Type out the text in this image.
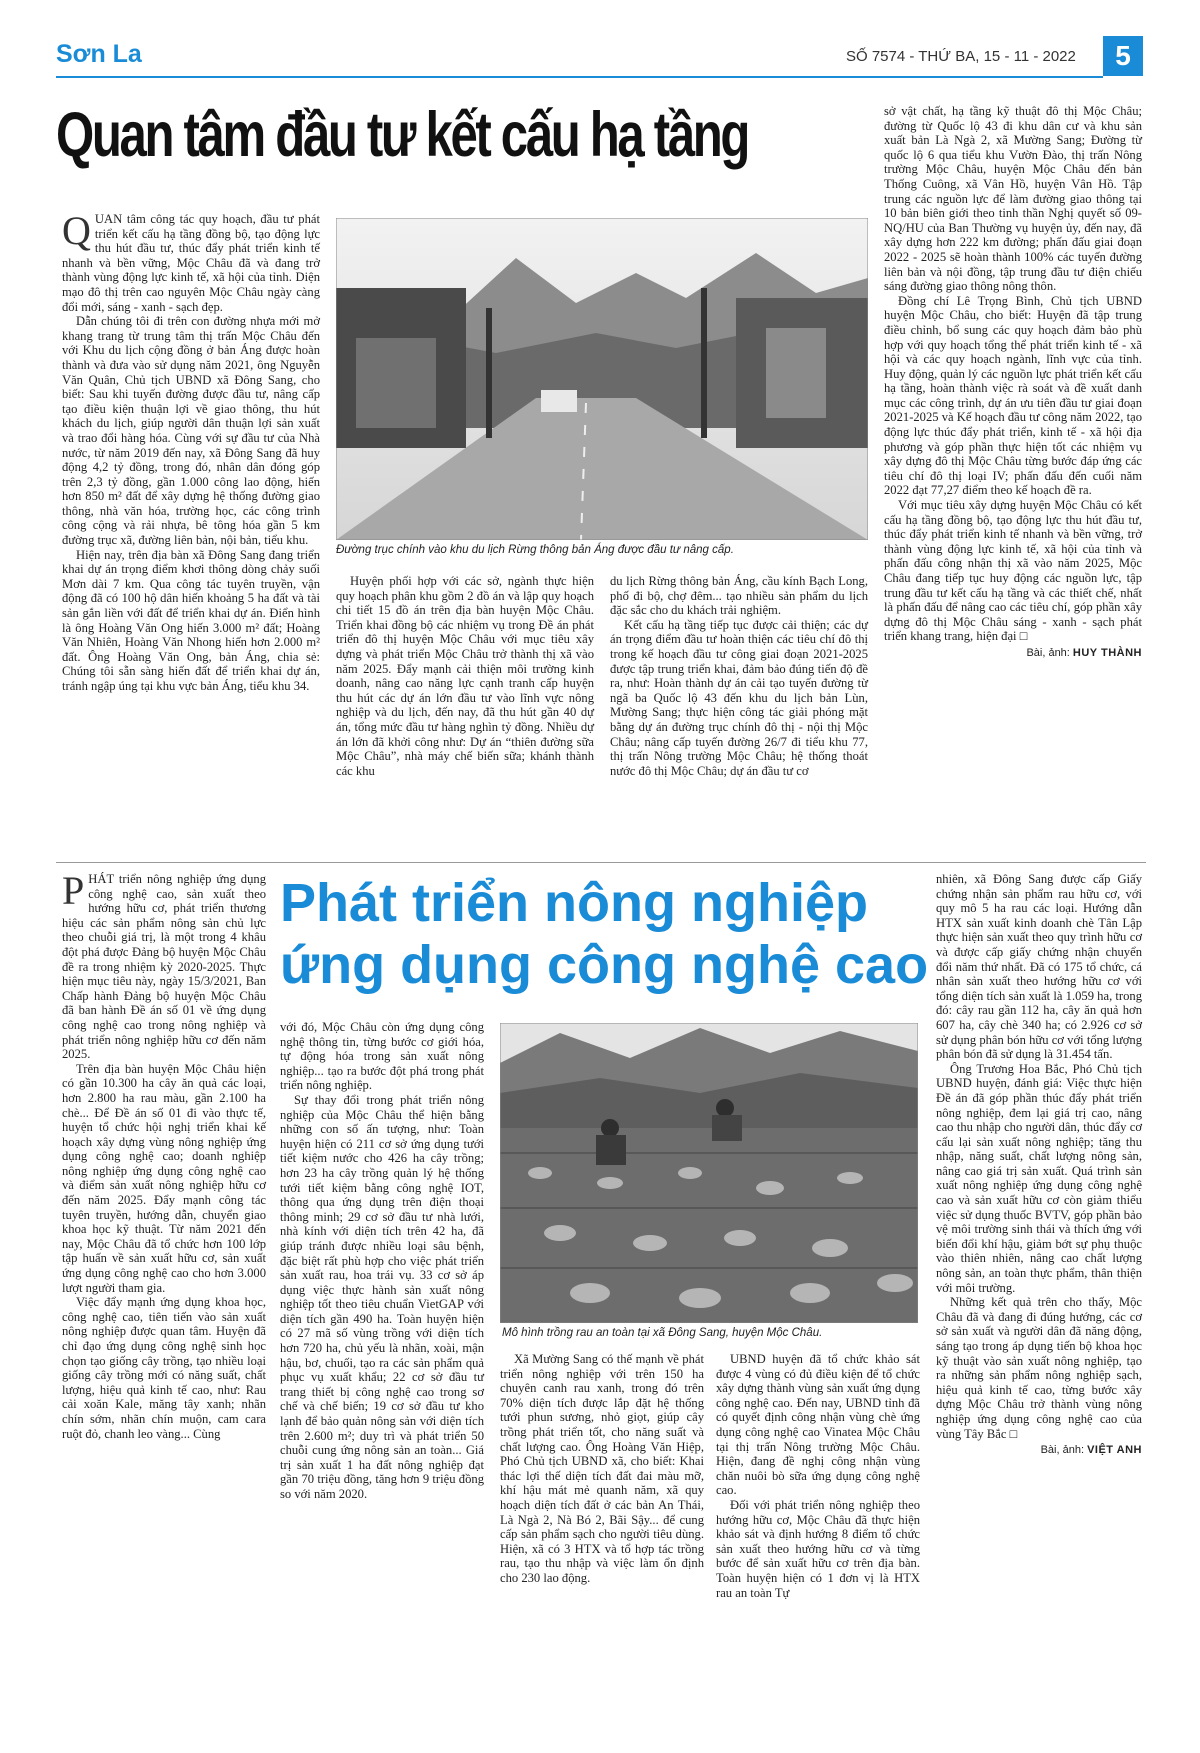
Sơn La	SỐ 7574 - THỨ BA, 15 - 11 - 2022	5
Quan tâm đầu tư kết cấu hạ tầng

QUAN tâm công tác quy hoạch, đầu tư phát triển kết cấu hạ tầng đồng bộ, tạo động lực thu hút đầu tư, thúc đẩy phát triển kinh tế nhanh và bền vững, Mộc Châu đã và đang trở thành vùng động lực kinh tế, xã hội của tỉnh. Diện mạo đô thị trên cao nguyên Mộc Châu ngày càng đổi mới, sáng - xanh - sạch đẹp.

Dẫn chúng tôi đi trên con đường nhựa mới mở khang trang từ trung tâm thị trấn Mộc Châu đến với Khu du lịch cộng đồng ở bản Áng được hoàn thành và đưa vào sử dụng năm 2021, ông Nguyễn Văn Quân, Chủ tịch UBND xã Đông Sang, cho biết: Sau khi tuyến đường được đầu tư, nâng cấp tạo điều kiện thuận lợi về giao thông, thu hút khách du lịch, giúp người dân thuận lợi sản xuất và trao đổi hàng hóa. Cùng với sự đầu tư của Nhà nước, từ năm 2019 đến nay, xã Đông Sang đã huy động 4,2 tỷ đồng, trong đó, nhân dân đóng góp trên 2,3 tỷ đồng, gần 1.000 công lao động, hiến hơn 850 m² đất để xây dựng hệ thống đường giao thông, nhà văn hóa, trường học, các công trình công cộng và rải nhựa, bê tông hóa gần 5 km đường trục xã, đường liên bản, nội bản, tiểu khu.

Hiện nay, trên địa bàn xã Đông Sang đang triển khai dự án trọng điểm khơi thông dòng chảy suối Mơn dài 7 km. Qua công tác tuyên truyền, vận động đã có 100 hộ dân hiến khoảng 5 ha đất và tài sản gắn liền với đất để triển khai dự án. Điển hình là ông Hoàng Văn Ong hiến 3.000 m² đất; Hoàng Văn Nhiên, Hoàng Văn Nhong hiến hơn 2.000 m² đất. Ông Hoàng Văn Ong, bản Áng, chia sẻ: Chúng tôi sẵn sàng hiến đất để triển khai dự án, tránh ngập úng tại khu vực bản Áng, tiểu khu 34.

Đường trục chính vào khu du lịch Rừng thông bản Áng được đầu tư nâng cấp.

Huyện phối hợp với các sở, ngành thực hiện quy hoạch phân khu gồm 2 đồ án và lập quy hoạch chi tiết 15 đồ án trên địa bàn huyện Mộc Châu. Triển khai đồng bộ các nhiệm vụ trong Đề án phát triển đô thị huyện Mộc Châu với mục tiêu xây dựng và phát triển Mộc Châu trở thành thị xã vào năm 2025. Đẩy mạnh cải thiện môi trường kinh doanh, nâng cao năng lực cạnh tranh cấp huyện thu hút các dự án lớn đầu tư vào lĩnh vực nông nghiệp và du lịch, đến nay, đã thu hút gần 40 dự án, tổng mức đầu tư hàng nghìn tỷ đồng. Nhiều dự án lớn đã khởi công như: Dự án “thiên đường sữa Mộc Châu”, nhà máy chế biến sữa; khánh thành các khu

du lịch Rừng thông bản Áng, cầu kính Bạch Long, phố đi bộ, chợ đêm... tạo nhiều sản phẩm du lịch đặc sắc cho du khách trải nghiệm.

Kết cấu hạ tầng tiếp tục được cải thiện; các dự án trọng điểm đầu tư hoàn thiện các tiêu chí đô thị trong kế hoạch đầu tư công giai đoạn 2021-2025 được tập trung triển khai, đảm bảo đúng tiến độ đề ra, như: Hoàn thành dự án cải tạo tuyến đường từ ngã ba Quốc lộ 43 đến khu du lịch bản Lùn, Mường Sang; thực hiện công tác giải phóng mặt bằng dự án đường trục chính đô thị - nội thị Mộc Châu; nâng cấp tuyến đường 26/7 đi tiểu khu 77, thị trấn Nông trường Mộc Châu; hệ thống thoát nước đô thị Mộc Châu; dự án đầu tư cơ

sở vật chất, hạ tầng kỹ thuật đô thị Mộc Châu; đường từ Quốc lộ 43 đi khu dân cư và khu sản xuất bản Là Ngà 2, xã Mường Sang; Đường từ quốc lộ 6 qua tiểu khu Vườn Đào, thị trấn Nông trường Mộc Châu, huyện Mộc Châu đến bản Thống Cuông, xã Vân Hồ, huyện Vân Hồ. Tập trung các nguồn lực để làm đường giao thông tại 10 bản biên giới theo tinh thần Nghị quyết số 09-NQ/HU của Ban Thường vụ huyện ủy, đến nay, đã xây dựng hơn 222 km đường; phấn đấu giai đoạn 2022 - 2025 sẽ hoàn thành 100% các tuyến đường liên bản và nội đồng, tập trung đầu tư điện chiếu sáng đường giao thông nông thôn.

Đồng chí Lê Trọng Bình, Chủ tịch UBND huyện Mộc Châu, cho biết: Huyện đã tập trung điều chỉnh, bổ sung các quy hoạch đảm bảo phù hợp với quy hoạch tổng thể phát triển kinh tế - xã hội và các quy hoạch ngành, lĩnh vực của tỉnh. Huy động, quản lý các nguồn lực phát triển kết cấu hạ tầng, hoàn thành việc rà soát và đề xuất danh mục các công trình, dự án ưu tiên đầu tư giai đoạn 2021-2025 và Kế hoạch đầu tư công năm 2022, tạo động lực thúc đẩy phát triển, kinh tế - xã hội địa phương và góp phần thực hiện tốt các nhiệm vụ xây dựng đô thị Mộc Châu từng bước đáp ứng các tiêu chí đô thị loại IV; phấn đấu đến cuối năm 2022 đạt 77,27 điểm theo kế hoạch đề ra.

Với mục tiêu xây dựng huyện Mộc Châu có kết cấu hạ tầng đồng bộ, tạo động lực thu hút đầu tư, thúc đẩy phát triển kinh tế nhanh và bền vững, trở thành vùng động lực kinh tế, xã hội của tỉnh và phấn đấu công nhận thị xã vào năm 2025, Mộc Châu đang tiếp tục huy động các nguồn lực, tập trung đầu tư kết cấu hạ tầng và các thiết chế, nhất là phấn đấu để nâng cao các tiêu chí, góp phần xây dựng đô thị Mộc Châu sáng - xanh - sạch phát triển khang trang, hiện đại □

Bài, ảnh: HUY THÀNH
Phát triển nông nghiệp
ứng dụng công nghệ cao

PHÁT triển nông nghiệp ứng dụng công nghệ cao, sản xuất theo hướng hữu cơ, phát triển thương hiệu các sản phẩm nông sản chủ lực theo chuỗi giá trị, là một trong 4 khâu đột phá được Đảng bộ huyện Mộc Châu đề ra trong nhiệm kỳ 2020-2025. Thực hiện mục tiêu này, ngày 15/3/2021, Ban Chấp hành Đảng bộ huyện Mộc Châu đã ban hành Đề án số 01 về ứng dụng công nghệ cao trong nông nghiệp và phát triển nông nghiệp hữu cơ đến năm 2025.

Trên địa bàn huyện Mộc Châu hiện có gần 10.300 ha cây ăn quả các loại, hơn 2.800 ha rau màu, gần 2.100 ha chè... Để Đề án số 01 đi vào thực tế, huyện tổ chức hội nghị triển khai kế hoạch xây dựng vùng nông nghiệp ứng dụng công nghệ cao; doanh nghiệp nông nghiệp ứng dụng công nghệ cao và điểm sản xuất nông nghiệp hữu cơ đến năm 2025. Đẩy mạnh công tác tuyên truyền, hướng dẫn, chuyển giao khoa học kỹ thuật. Từ năm 2021 đến nay, Mộc Châu đã tổ chức hơn 100 lớp tập huấn về sản xuất hữu cơ, sản xuất ứng dụng công nghệ cao cho hơn 3.000 lượt người tham gia.

Việc đẩy mạnh ứng dụng khoa học, công nghệ cao, tiên tiến vào sản xuất nông nghiệp được quan tâm. Huyện đã chỉ đạo ứng dụng công nghệ sinh học chọn tạo giống cây trồng, tạo nhiều loại giống cây trồng mới có năng suất, chất lượng, hiệu quả kinh tế cao, như: Rau cải xoăn Kale, măng tây xanh; nhãn chín sớm, nhãn chín muộn, cam cara ruột đỏ, chanh leo vàng... Cùng

với đó, Mộc Châu còn ứng dụng công nghệ thông tin, từng bước cơ giới hóa, tự động hóa trong sản xuất nông nghiệp... tạo ra bước đột phá trong phát triển nông nghiệp.

Sự thay đổi trong phát triển nông nghiệp của Mộc Châu thể hiện bằng những con số ấn tượng, như: Toàn huyện hiện có 211 cơ sở ứng dụng tưới tiết kiệm nước cho 426 ha cây trồng; hơn 23 ha cây trồng quản lý hệ thống tưới tiết kiệm bằng công nghệ IOT, thông qua ứng dụng trên điện thoại thông minh; 29 cơ sở đầu tư nhà lưới, nhà kính với diện tích trên 42 ha, đã giúp tránh được nhiều loại sâu bệnh, đặc biệt rất phù hợp cho việc phát triển sản xuất rau, hoa trái vụ. 33 cơ sở áp dụng việc thực hành sản xuất nông nghiệp tốt theo tiêu chuẩn VietGAP với diện tích gần 490 ha. Toàn huyện hiện có 27 mã số vùng trồng với diện tích hơn 720 ha, chủ yếu là nhãn, xoài, mận hậu, bơ, chuối, tạo ra các sản phẩm quả phục vụ xuất khẩu; 22 cơ sở đầu tư trang thiết bị công nghệ cao trong sơ chế và chế biến; 19 cơ sở đầu tư kho lạnh để bảo quản nông sản với diện tích trên 2.600 m²; duy trì và phát triển 50 chuỗi cung ứng nông sản an toàn... Giá trị sản xuất 1 ha đất nông nghiệp đạt gần 70 triệu đồng, tăng hơn 9 triệu đồng so với năm 2020.

Mô hình trồng rau an toàn tại xã Đông Sang, huyện Mộc Châu.

Xã Mường Sang có thế mạnh về phát triển nông nghiệp với trên 150 ha chuyên canh rau xanh, trong đó trên 70% diện tích được lắp đặt hệ thống tưới phun sương, nhỏ giọt, giúp cây trồng phát triển tốt, cho năng suất và chất lượng cao. Ông Hoàng Văn Hiệp, Phó Chủ tịch UBND xã, cho biết: Khai thác lợi thế diện tích đất đai màu mỡ, khí hậu mát mẻ quanh năm, xã quy hoạch diện tích đất ở các bản An Thái, Là Ngà 2, Nà Bó 2, Bãi Sậy... để cung cấp sản phẩm sạch cho người tiêu dùng. Hiện, xã có 3 HTX và tổ hợp tác trồng rau, tạo thu nhập và việc làm ổn định cho 230 lao động.

UBND huyện đã tổ chức khảo sát được 4 vùng có đủ điều kiện để tổ chức xây dựng thành vùng sản xuất ứng dụng công nghệ cao. Đến nay, UBND tỉnh đã có quyết định công nhận vùng chè ứng dụng công nghệ cao Vinatea Mộc Châu tại thị trấn Nông trường Mộc Châu. Hiện, đang đề nghị công nhận vùng chăn nuôi bò sữa ứng dụng công nghệ cao.

Đối với phát triển nông nghiệp theo hướng hữu cơ, Mộc Châu đã thực hiện khảo sát và định hướng 8 điểm tổ chức sản xuất theo hướng hữu cơ và từng bước để sản xuất hữu cơ trên địa bàn. Toàn huyện hiện có 1 đơn vị là HTX rau an toàn Tự

nhiên, xã Đông Sang được cấp Giấy chứng nhận sản phẩm rau hữu cơ, với quy mô 5 ha rau các loại. Hướng dẫn HTX sản xuất kinh doanh chè Tân Lập thực hiện sản xuất theo quy trình hữu cơ và được cấp giấy chứng nhận chuyển đổi năm thứ nhất. Đã có 175 tổ chức, cá nhân sản xuất theo hướng hữu cơ với tổng diện tích sản xuất là 1.059 ha, trong đó: cây rau gần 112 ha, cây ăn quả hơn 607 ha, cây chè 340 ha; có 2.926 cơ sở sử dụng phân bón hữu cơ với tổng lượng phân bón đã sử dụng là 31.454 tấn.

Ông Trương Hoa Bắc, Phó Chủ tịch UBND huyện, đánh giá: Việc thực hiện Đề án đã góp phần thúc đẩy phát triển nông nghiệp, đem lại giá trị cao, nâng cao thu nhập cho người dân, thúc đẩy cơ cấu lại sản xuất nông nghiệp; tăng thu nhập, năng suất, chất lượng nông sản, nâng cao giá trị sản xuất. Quá trình sản xuất nông nghiệp ứng dụng công nghệ cao và sản xuất hữu cơ còn giảm thiểu việc sử dụng thuốc BVTV, góp phần bảo vệ môi trường sinh thái và thích ứng với biến đổi khí hậu, giảm bớt sự phụ thuộc vào thiên nhiên, nâng cao chất lượng nông sản, an toàn thực phẩm, thân thiện với môi trường.

Những kết quả trên cho thấy, Mộc Châu đã và đang đi đúng hướng, các cơ sở sản xuất và người dân đã năng động, sáng tạo trong áp dụng tiến bộ khoa học kỹ thuật vào sản xuất nông nghiệp, tạo ra những sản phẩm nông nghiệp sạch, hiệu quả kinh tế cao, từng bước xây dựng Mộc Châu trở thành vùng nông nghiệp ứng dụng công nghệ cao của vùng Tây Bắc □

Bài, ảnh: VIỆT ANH
